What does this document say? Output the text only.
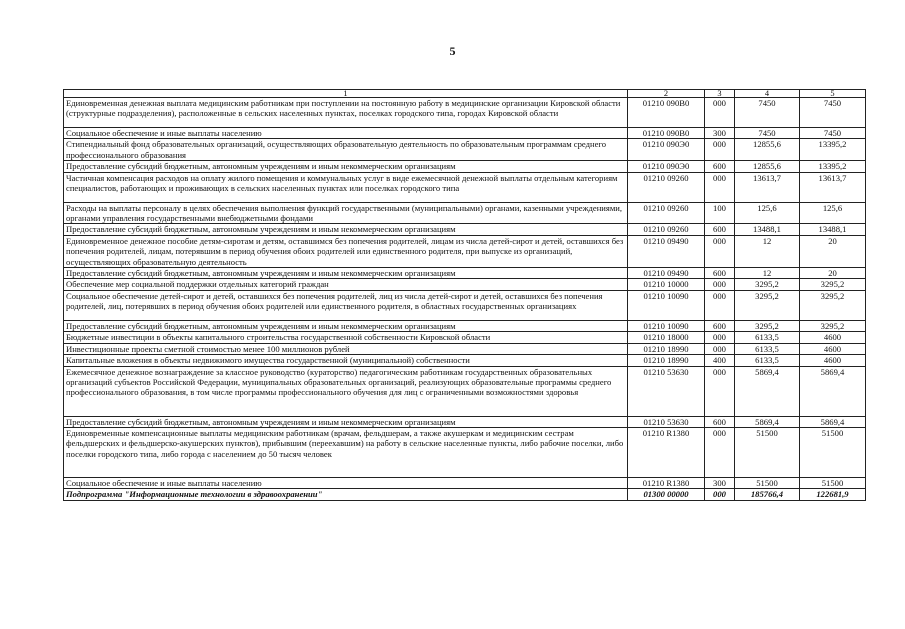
5
1	2	3	4	5
Единовременная денежная выплата медицинским работникам при поступлении на постоянную работу в медицинские организации Кировской области (структурные подразделения), расположенные в сельских населенных пунктах, поселках городского типа, городах Кировской области	01210 090В0	000	7450	7450
Социальное обеспечение и иные выплаты населению	01210 090В0	300	7450	7450
Стипендиальный фонд образовательных организаций, осуществляющих образовательную деятельность по образовательным программам среднего профессионального образования	01210 090Э0	000	12855,6	13395,2
Предоставление субсидий бюджетным, автономным учреждениям и иным некоммерческим организациям	01210 090Э0	600	12855,6	13395,2
Частичная компенсация расходов на оплату жилого помещения и коммунальных услуг в виде ежемесячной денежной выплаты отдельным категориям специалистов, работающих и проживающих в сельских населенных пунктах или поселках городского типа	01210 09260	000	13613,7	13613,7
Расходы на выплаты персоналу в целях обеспечения выполнения функций государственными (муниципальными) органами, казенными учреждениями, органами управления государственными внебюджетными фондами	01210 09260	100	125,6	125,6
Предоставление субсидий бюджетным, автономным учреждениям и иным некоммерческим организациям	01210 09260	600	13488,1	13488,1
Единовременное денежное пособие детям-сиротам и детям, оставшимся без попечения родителей, лицам из числа детей-сирот и детей, оставшихся без попечения родителей, лицам, потерявшим в период обучения обоих родителей или единственного родителя, при выпуске из организаций, осуществляющих образовательную деятельность	01210 09490	000	12	20
Предоставление субсидий бюджетным, автономным учреждениям и иным некоммерческим организациям	01210 09490	600	12	20
Обеспечение мер социальной поддержки отдельных категорий граждан	01210 10000	000	3295,2	3295,2
Социальное обеспечение детей-сирот и детей, оставшихся без попечения родителей, лиц из числа детей-сирот и детей, оставшихся без попечения родителей, лиц, потерявших в период обучения обоих родителей или единственного родителя, в областных государственных организациях	01210 10090	000	3295,2	3295,2
Предоставление субсидий бюджетным, автономным учреждениям и иным некоммерческим организациям	01210 10090	600	3295,2	3295,2
Бюджетные инвестиции в объекты капитального строительства государственной собственности Кировской области	01210 18000	000	6133,5	4600
Инвестиционные проекты сметной стоимостью менее 100 миллионов рублей	01210 18990	000	6133,5	4600
Капитальные вложения в объекты недвижимого имущества государственной (муниципальной) собственности	01210 18990	400	6133,5	4600
Ежемесячное денежное вознаграждение за классное руководство (кураторство) педагогическим работникам государственных образовательных организаций субъектов Российской Федерации, муниципальных образовательных организаций, реализующих образовательные программы среднего профессионального образования, в том числе программы профессионального обучения для лиц с ограниченными возможностями здоровья	01210 53630	000	5869,4	5869,4
Предоставление субсидий бюджетным, автономным учреждениям и иным некоммерческим организациям	01210 53630	600	5869,4	5869,4
Единовременные компенсационные выплаты медицинским работникам (врачам, фельдшерам, а также акушеркам и медицинским сестрам фельдшерских и фельдшерско-акушерских пунктов), прибывшим (переехавшим) на работу в сельские населенные пункты, либо рабочие поселки, либо поселки городского типа, либо города с населением до 50 тысяч человек	01210 R1380	000	51500	51500
Социальное обеспечение и иные выплаты населению	01210 R1380	300	51500	51500
Подпрограмма "Информационные технологии в здравоохранении"	01300 00000	000	185766,4	122681,9
